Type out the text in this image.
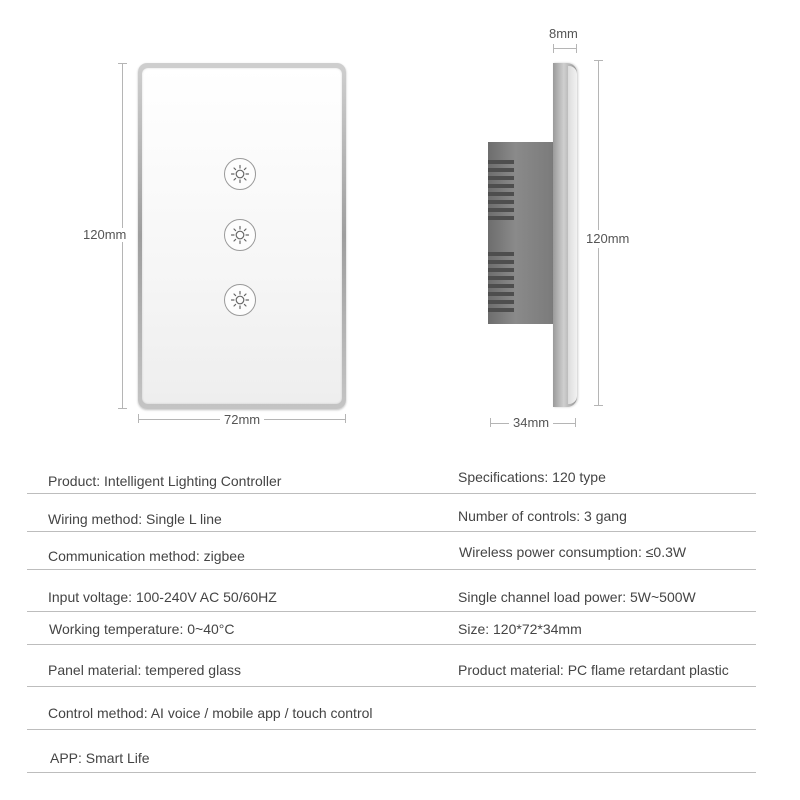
120mm
72mm
8mm
120mm
34mm
Product: Intelligent Lighting Controller	Specifications: 120 type
Wiring method: Single L line	Number of controls: 3 gang
Communication method: zigbee	Wireless power consumption: ≤0.3W
Input voltage: 100-240V AC 50/60HZ	Single channel load power: 5W~500W
Working temperature: 0~40°C	Size: 120*72*34mm
Panel material: tempered glass	Product material: PC flame retardant plastic
Control method: AI voice / mobile app / touch control
APP: Smart Life
